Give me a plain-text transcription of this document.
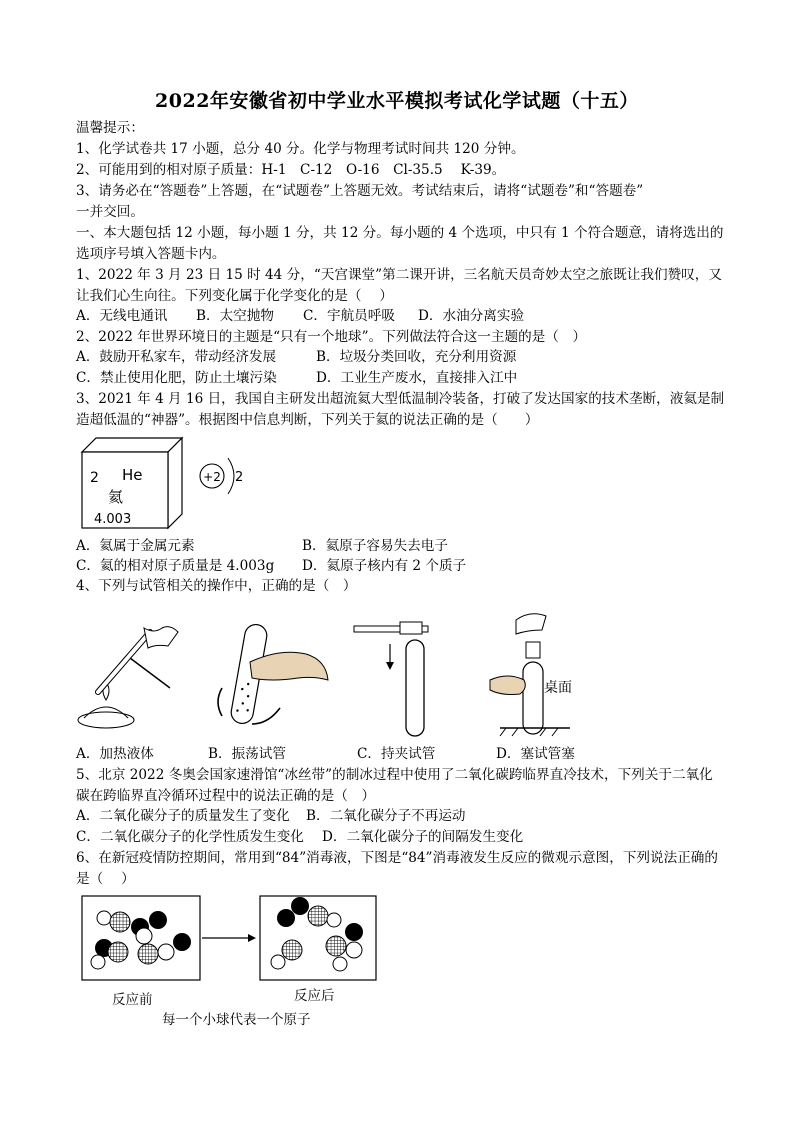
2022年安徽省初中学业水平模拟考试化学试题（十五）
温馨提示：
1、化学试卷共 17 小题，总分 40 分。化学与物理考试时间共 120 分钟。
2、可能用到的相对原子质量：H-1　C-12　O-16　Cl-35.5　 K-39。
3、请务必在“答题卷”上答题，在“试题卷”上答题无效。考试结束后，请将“试题卷”和“答题卷”
一并交回。
一、本大题包括 12 小题，每小题 1 分，共 12 分。每小题的 4 个选项，中只有 1 个符合题意，请将选出的
选项序号填入答题卡内。
1、2022 年 3 月 23 日 15 时 44 分，“天宫课堂”第二课开讲，三名航天员奇妙太空之旅既让我们赞叹，又
让我们心生向往。下列变化属于化学变化的是（　 ）
A．无线电通讯 B．太空抛物 C．宇航员呼吸 D．水油分离实验
2、2022 年世界环境日的主题是“只有一个地球”。下列做法符合这一主题的是（　）
A．鼓励开私家车，带动经济发展	B．垃圾分类回收，充分利用资源
C．禁止使用化肥，防止土壤污染	D．工业生产废水，直接排入江中
3、2021 年 4 月 16 日，我国自主研发出超流氦大型低温制冷装备，打破了发达国家的技术垄断，液氦是制
造超低温的“神器”。根据图中信息判断，下列关于氦的说法正确的是（　　）
2 He
氦
4.003
+2 2
A．氦属于金属元素	B．氦原子容易失去电子
C．氦的相对原子质量是 4.003g D．氦原子核内有 2 个质子
4、下列与试管相关的操作中，正确的是（　）
桌面
A．加热液体	B．振荡试管	C．持夹试管	D．塞试管塞
5、北京 2022 冬奥会国家速滑馆“冰丝带”的制冰过程中使用了二氧化碳跨临界直冷技术，下列关于二氧化
碳在跨临界直冷循环过程中的说法正确的是（　）
A．二氧化碳分子的质量发生了变化 B．二氧化碳分子不再运动
C．二氧化碳分子的化学性质发生变化 D．二氧化碳分子的间隔发生变化
6、在新冠疫情防控期间，常用到“84”消毒液，下图是“84”消毒液发生反应的微观示意图，下列说法正确的
是（　 ）
反应前	反应后
每一个小球代表一个原子
